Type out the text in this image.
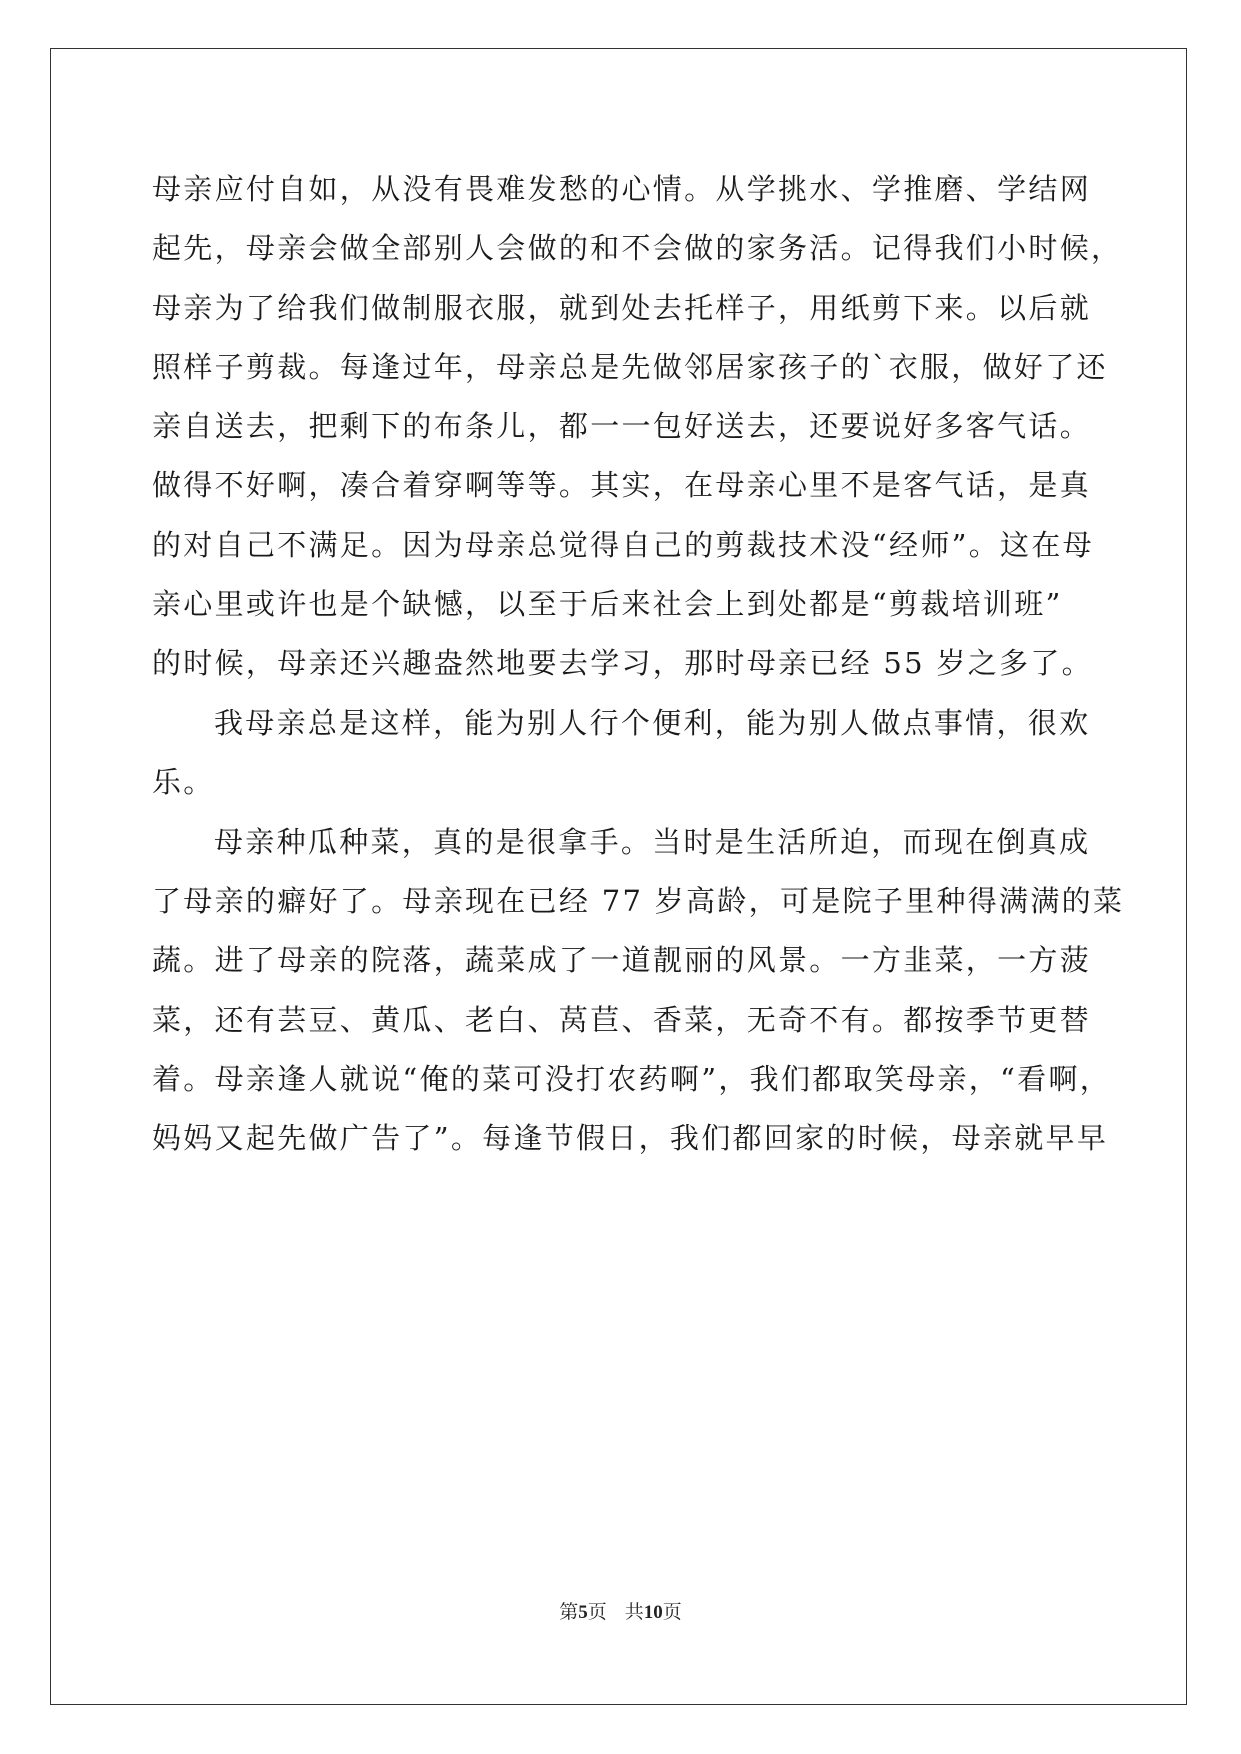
母亲应付自如，从没有畏难发愁的心情。从学挑水、学推磨、学结网
起先，母亲会做全部别人会做的和不会做的家务活。记得我们小时候，
母亲为了给我们做制服衣服，就到处去托样子，用纸剪下来。以后就
照样子剪裁。每逢过年，母亲总是先做邻居家孩子的`衣服，做好了还
亲自送去，把剩下的布条儿，都一一包好送去，还要说好多客气话。
做得不好啊，凑合着穿啊等等。其实，在母亲心里不是客气话，是真
的对自己不满足。因为母亲总觉得自己的剪裁技术没“经师”。这在母
亲心里或许也是个缺憾，以至于后来社会上到处都是“剪裁培训班”
的时候，母亲还兴趣盎然地要去学习，那时母亲已经 55 岁之多了。
我母亲总是这样，能为别人行个便利，能为别人做点事情，很欢
乐。
母亲种瓜种菜，真的是很拿手。当时是生活所迫，而现在倒真成
了母亲的癖好了。母亲现在已经 77 岁高龄，可是院子里种得满满的菜
蔬。进了母亲的院落，蔬菜成了一道靓丽的风景。一方韭菜，一方菠
菜，还有芸豆、黄瓜、老白、莴苣、香菜，无奇不有。都按季节更替
着。母亲逢人就说“俺的菜可没打农药啊”，我们都取笑母亲，“看啊，
妈妈又起先做广告了”。每逢节假日，我们都回家的时候，母亲就早早
第5页 共10页
